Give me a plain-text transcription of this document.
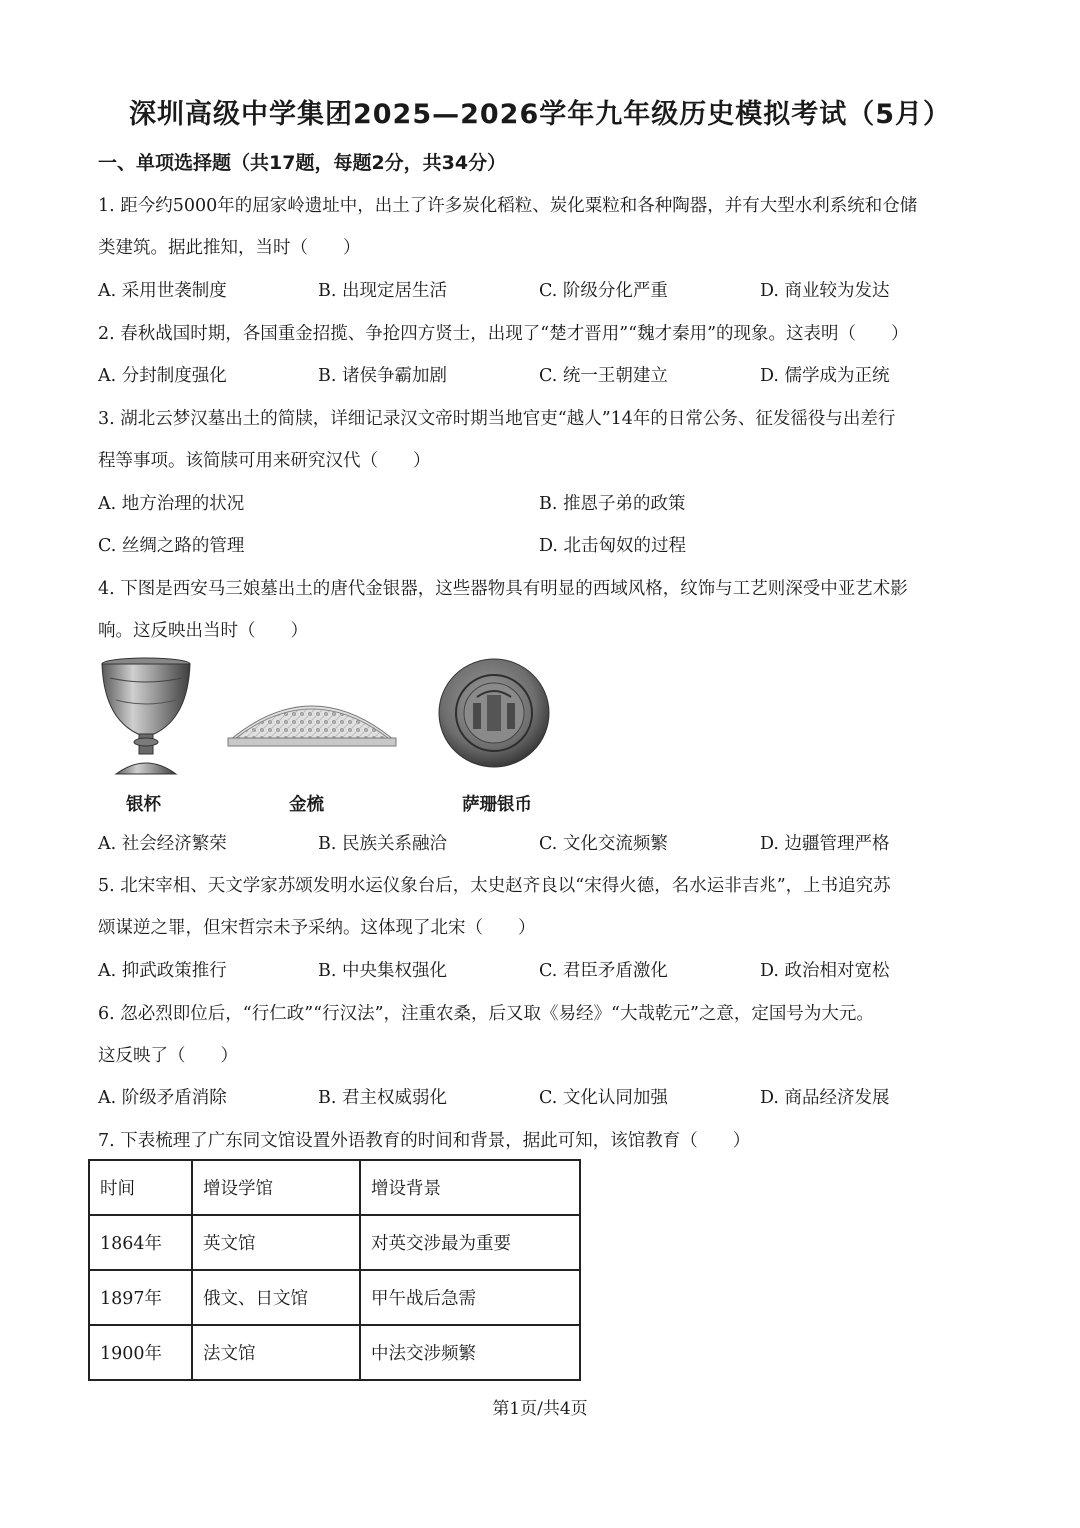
深圳高级中学集团2025—2026学年九年级历史模拟考试（5月）
一、单项选择题（共17题，每题2分，共34分）
1. 距今约5000年的屈家岭遗址中，出土了许多炭化稻粒、炭化粟粒和各种陶器，并有大型水利系统和仓储
类建筑。据此推知，当时（　　）
A. 采用世袭制度	B. 出现定居生活	C. 阶级分化严重	D. 商业较为发达
2. 春秋战国时期，各国重金招揽、争抢四方贤士，出现了“楚才晋用”“魏才秦用”的现象。这表明（　　）
A. 分封制度强化	B. 诸侯争霸加剧	C. 统一王朝建立	D. 儒学成为正统
3. 湖北云梦汉墓出土的简牍，详细记录汉文帝时期当地官吏“越人”14年的日常公务、征发徭役与出差行
程等事项。该简牍可用来研究汉代（　　）
A. 地方治理的状况	B. 推恩子弟的政策
C. 丝绸之路的管理	D. 北击匈奴的过程
4. 下图是西安马三娘墓出土的唐代金银器，这些器物具有明显的西域风格，纹饰与工艺则深受中亚艺术影
响。这反映出当时（　　）
银杯	金梳	萨珊银币
A. 社会经济繁荣	B. 民族关系融洽	C. 文化交流频繁	D. 边疆管理严格
5. 北宋宰相、天文学家苏颂发明水运仪象台后，太史赵齐良以“宋得火德，名水运非吉兆”，上书追究苏
颂谋逆之罪，但宋哲宗未予采纳。这体现了北宋（　　）
A. 抑武政策推行	B. 中央集权强化	C. 君臣矛盾激化	D. 政治相对宽松
6. 忽必烈即位后，“行仁政”“行汉法”，注重农桑，后又取《易经》“大哉乾元”之意，定国号为大元。
这反映了（　　）
A. 阶级矛盾消除	B. 君主权威弱化	C. 文化认同加强	D. 商品经济发展
7. 下表梳理了广东同文馆设置外语教育的时间和背景，据此可知，该馆教育（　　）
时间	增设学馆	增设背景
1864年	英文馆	对英交涉最为重要
1897年	俄文、日文馆	甲午战后急需
1900年	法文馆	中法交涉频繁
第1页/共4页
